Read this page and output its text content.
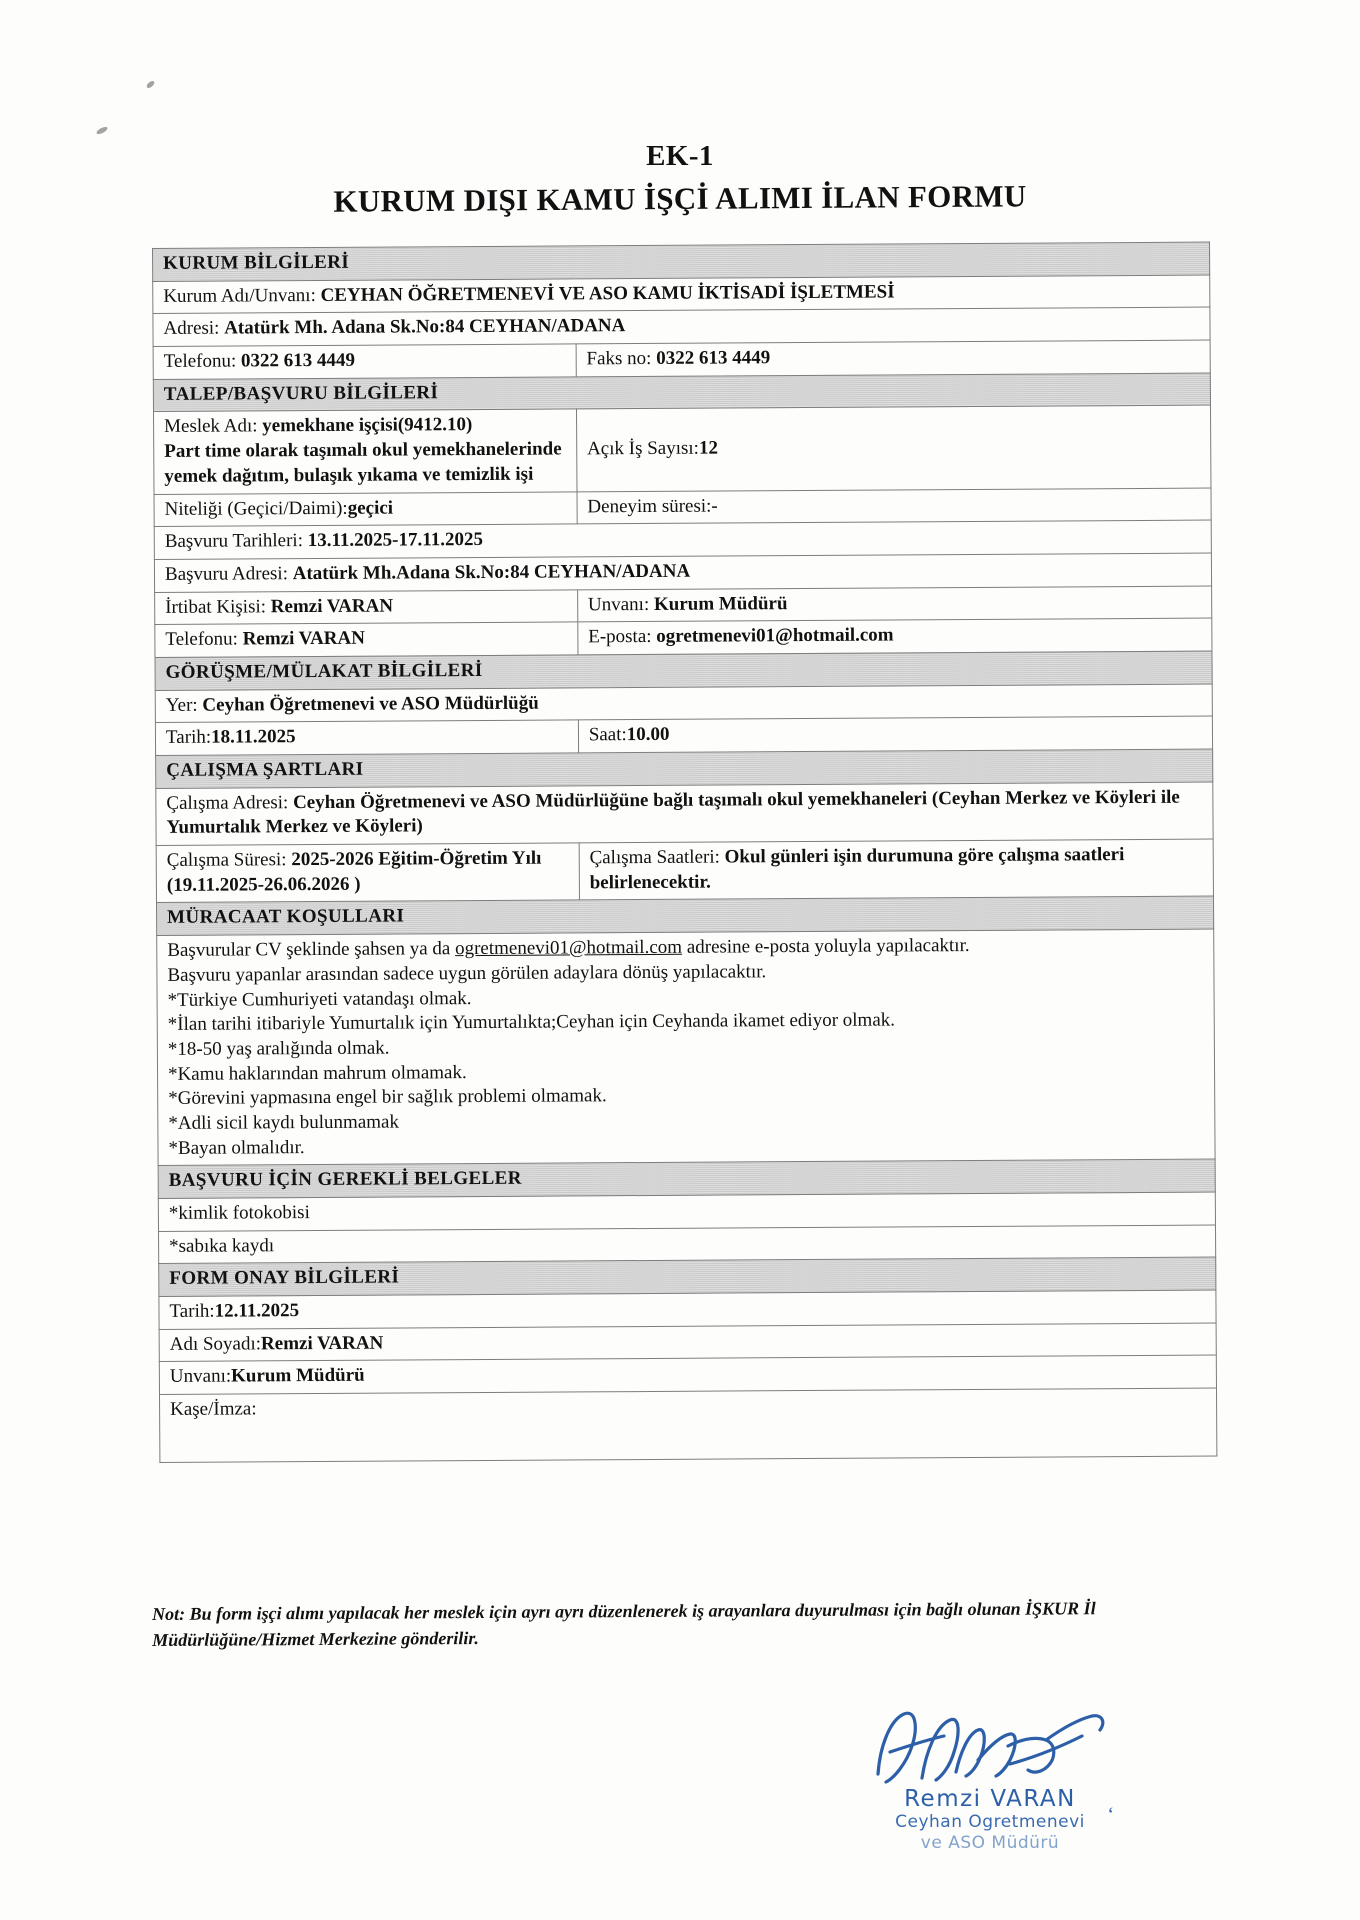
EK-1
KURUM DIŞI KAMU İŞÇİ ALIMI İLAN FORMU
KURUM BİLGİLERİ	
Kurum Adı/Unvanı: CEYHAN ÖĞRETMENEVİ VE ASO KAMU İKTİSADİ İŞLETMESİ	
Adresi: Atatürk Mh. Adana Sk.No:84 CEYHAN/ADANA	
Telefonu: 0322 613 4449	Faks no: 0322 613 4449
TALEP/BAŞVURU BİLGİLERİ	

Meslek Adı: yemekhane işçisi(9412.10)
Part time olarak taşımalı okul yemekhanelerinde yemek dağıtım, bulaşık yıkama ve temizlik işi	Açık İş Sayısı:12
Niteliği (Geçici/Daimi):geçici	Deneyim süresi:-
Başvuru Tarihleri: 13.11.2025-17.11.2025	
Başvuru Adresi: Atatürk Mh.Adana Sk.No:84 CEYHAN/ADANA	
İrtibat Kişisi: Remzi VARAN	Unvanı: Kurum Müdürü
Telefonu: Remzi VARAN	E-posta: ogretmenevi01@hotmail.com
GÖRÜŞME/MÜLAKAT BİLGİLERİ	
Yer: Ceyhan Öğretmenevi ve ASO Müdürlüğü	
Tarih:18.11.2025	Saat:10.00
ÇALIŞMA ŞARTLARI	
Çalışma Adresi: Ceyhan Öğretmenevi ve ASO Müdürlüğüne bağlı taşımalı okul yemekhaneleri (Ceyhan Merkez ve Köyleri ile Yumurtalık Merkez ve Köyleri)	
Çalışma Süresi: 2025-2026 Eğitim-Öğretim Yılı (19.11.2025-26.06.2026 )	Çalışma Saatleri: Okul günleri işin durumuna göre çalışma saatleri belirlenecektir.
MÜRACAAT KOŞULLARI	

Başvurular CV şeklinde şahsen ya da ogretmenevi01@hotmail.com adresine e-posta yoluyla yapılacaktır.
Başvuru yapanlar arasından sadece uygun görülen adaylara dönüş yapılacaktır.
*Türkiye Cumhuriyeti vatandaşı olmak.
*İlan tarihi itibariyle Yumurtalık için Yumurtalıkta;Ceyhan için Ceyhanda ikamet ediyor olmak.
*18-50 yaş aralığında olmak.
*Kamu haklarından mahrum olmamak.
*Görevini yapmasına engel bir sağlık problemi olmamak.
*Adli sicil kaydı bulunmamak
*Bayan olmalıdır.

BAŞVURU İÇİN GEREKLİ BELGELER	
*kimlik fotokobisi	
*sabıka kaydı	
FORM ONAY BİLGİLERİ	
Tarih:12.11.2025	
Adı Soyadı:Remzi VARAN	
Unvanı:Kurum Müdürü	
Kaşe/İmza:	
Not: Bu form işçi alımı yapılacak her meslek için ayrı ayrı düzenlenerek iş arayanlara duyurulması için bağlı olunan İŞKUR İl Müdürlüğüne/Hizmet Merkezine gönderilir.
Remzi VARAN
Ceyhan Ogretmenevi
ve ASO Müdürü
ʻ
